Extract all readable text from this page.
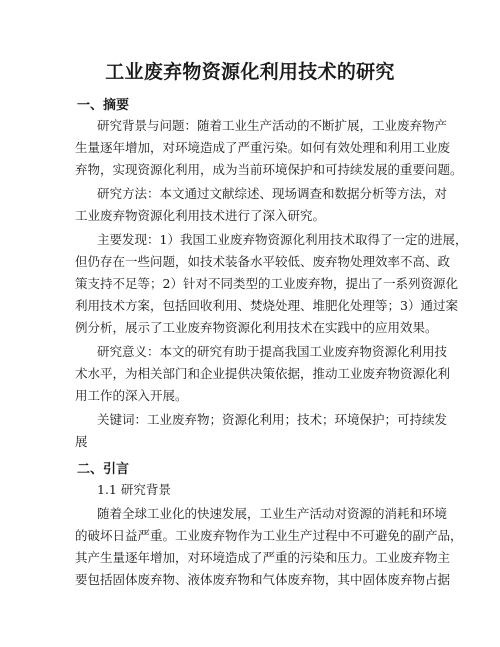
工业废弃物资源化利用技术的研究
一、摘要

研究背景与问题：随着工业生产活动的不断扩展，工业废弃物产

生量逐年增加，对环境造成了严重污染。如何有效处理和利用工业废

弃物，实现资源化利用，成为当前环境保护和可持续发展的重要问题。

研究方法：本文通过文献综述、现场调查和数据分析等方法，对

工业废弃物资源化利用技术进行了深入研究。

主要发现：1）我国工业废弃物资源化利用技术取得了一定的进展，

但仍存在一些问题，如技术装备水平较低、废弃物处理效率不高、政

策支持不足等；2）针对不同类型的工业废弃物，提出了一系列资源化

利用技术方案，包括回收利用、焚烧处理、堆肥化处理等；3）通过案

例分析，展示了工业废弃物资源化利用技术在实践中的应用效果。

研究意义：本文的研究有助于提高我国工业废弃物资源化利用技

术水平，为相关部门和企业提供决策依据，推动工业废弃物资源化利

用工作的深入开展。

关键词：工业废弃物；资源化利用；技术；环境保护；可持续发

展

二、引言

1.1 研究背景

随着全球工业化的快速发展，工业生产活动对资源的消耗和环境

的破坏日益严重。工业废弃物作为工业生产过程中不可避免的副产品，

其产生量逐年增加，对环境造成了严重的污染和压力。工业废弃物主

要包括固体废弃物、液体废弃物和气体废弃物，其中固体废弃物占据
